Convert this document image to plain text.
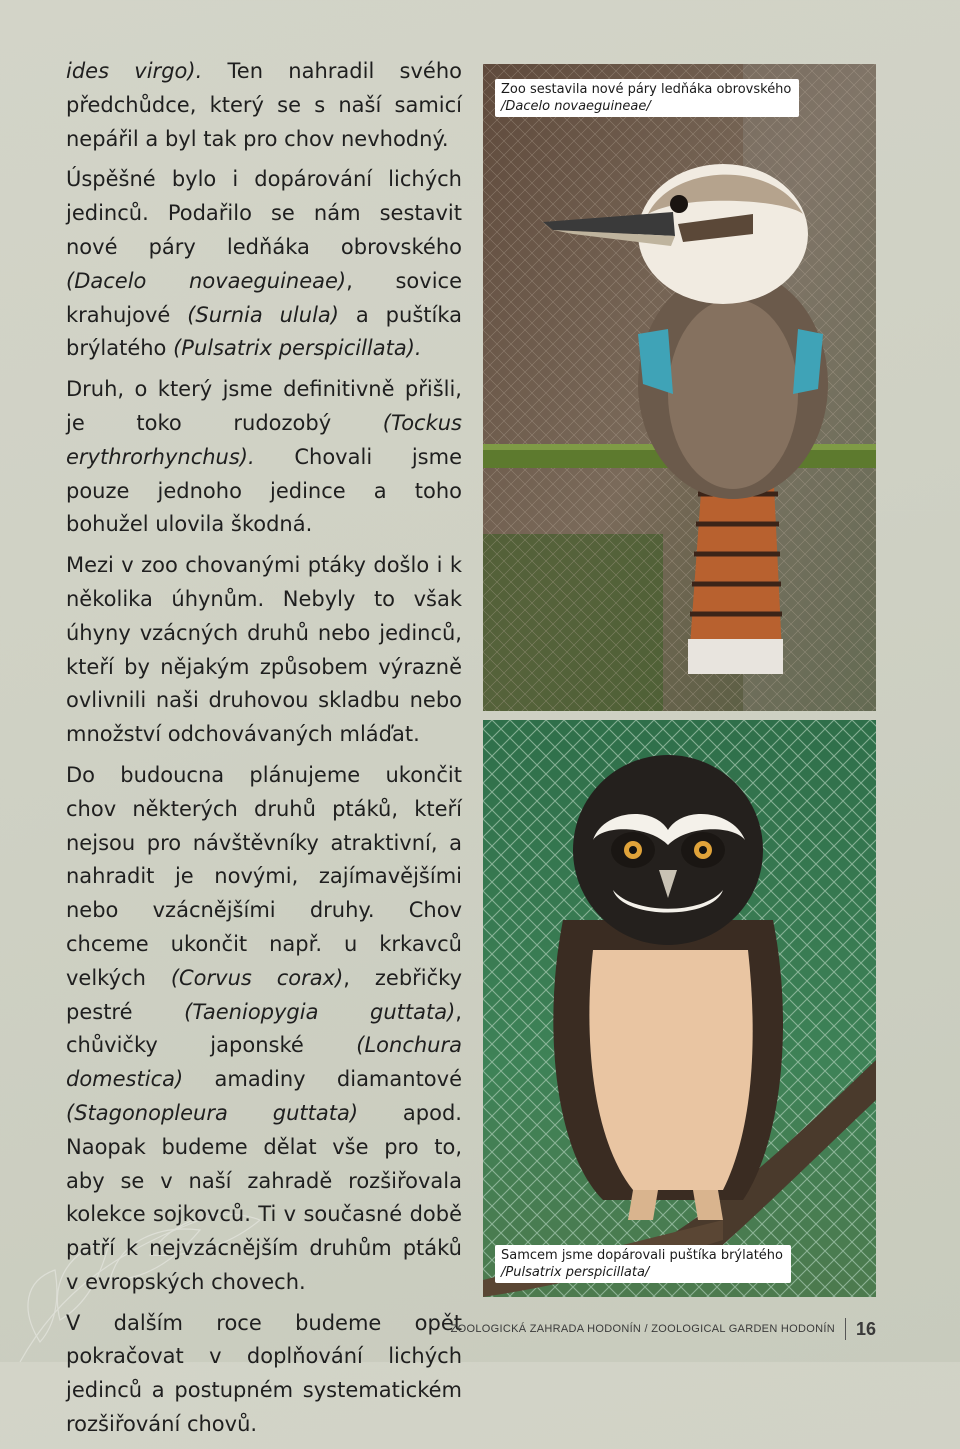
ides virgo). Ten nahradil svého předchůdce, který se s naší samicí nepářil a byl tak pro chov nevhodný.

Úspěšné bylo i dopárování lichých jedinců. Podařilo se nám sestavit nové páry ledňáka obrovského (Dacelo novaeguineae), sovice krahujové (Surnia ulula) a puštíka brýlatého (Pulsatrix perspicillata).

Druh, o který jsme definitivně přišli, je toko rudozobý (Tockus erythrorhynchus). Chovali jsme pouze jednoho jedince a toho bohužel ulovila škodná.

Mezi v zoo chovanými ptáky došlo i k několika úhynům. Nebyly to však úhyny vzácných druhů nebo jedinců, kteří by nějakým způsobem výrazně ovlivnili naši druhovou skladbu nebo množství odchovávaných mláďat.

Do budoucna plánujeme ukončit chov některých druhů ptáků, kteří nejsou pro návštěvníky atraktivní, a nahradit je novými, zajímavějšími nebo vzácnějšími druhy. Chov chceme ukončit např. u krkavců velkých (Corvus corax), zebřičky pestré (Taeniopygia guttata), chůvičky japonské (Lonchura domestica) amadiny diamantové (Stagonopleura guttata) apod. Naopak budeme dělat vše pro to, aby se v naší zahradě rozšiřovala kolekce sojkovců. Ti v současné době patří k nejvzácnějším druhům ptáků v evropských chovech.

V dalším roce budeme opět pokračovat v doplňování lichých jedinců a postupném systematickém rozšiřování chovů.

Zoo sestavila nové páry ledňáka obrovského
/Dacelo novaeguineae/
Samcem jsme dopárovali puštíka brýlatého
/Pulsatrix perspicillata/
ZOOLOGICKÁ ZAHRADA HODONÍN / ZOOLOGICAL GARDEN HODONÍN 16
